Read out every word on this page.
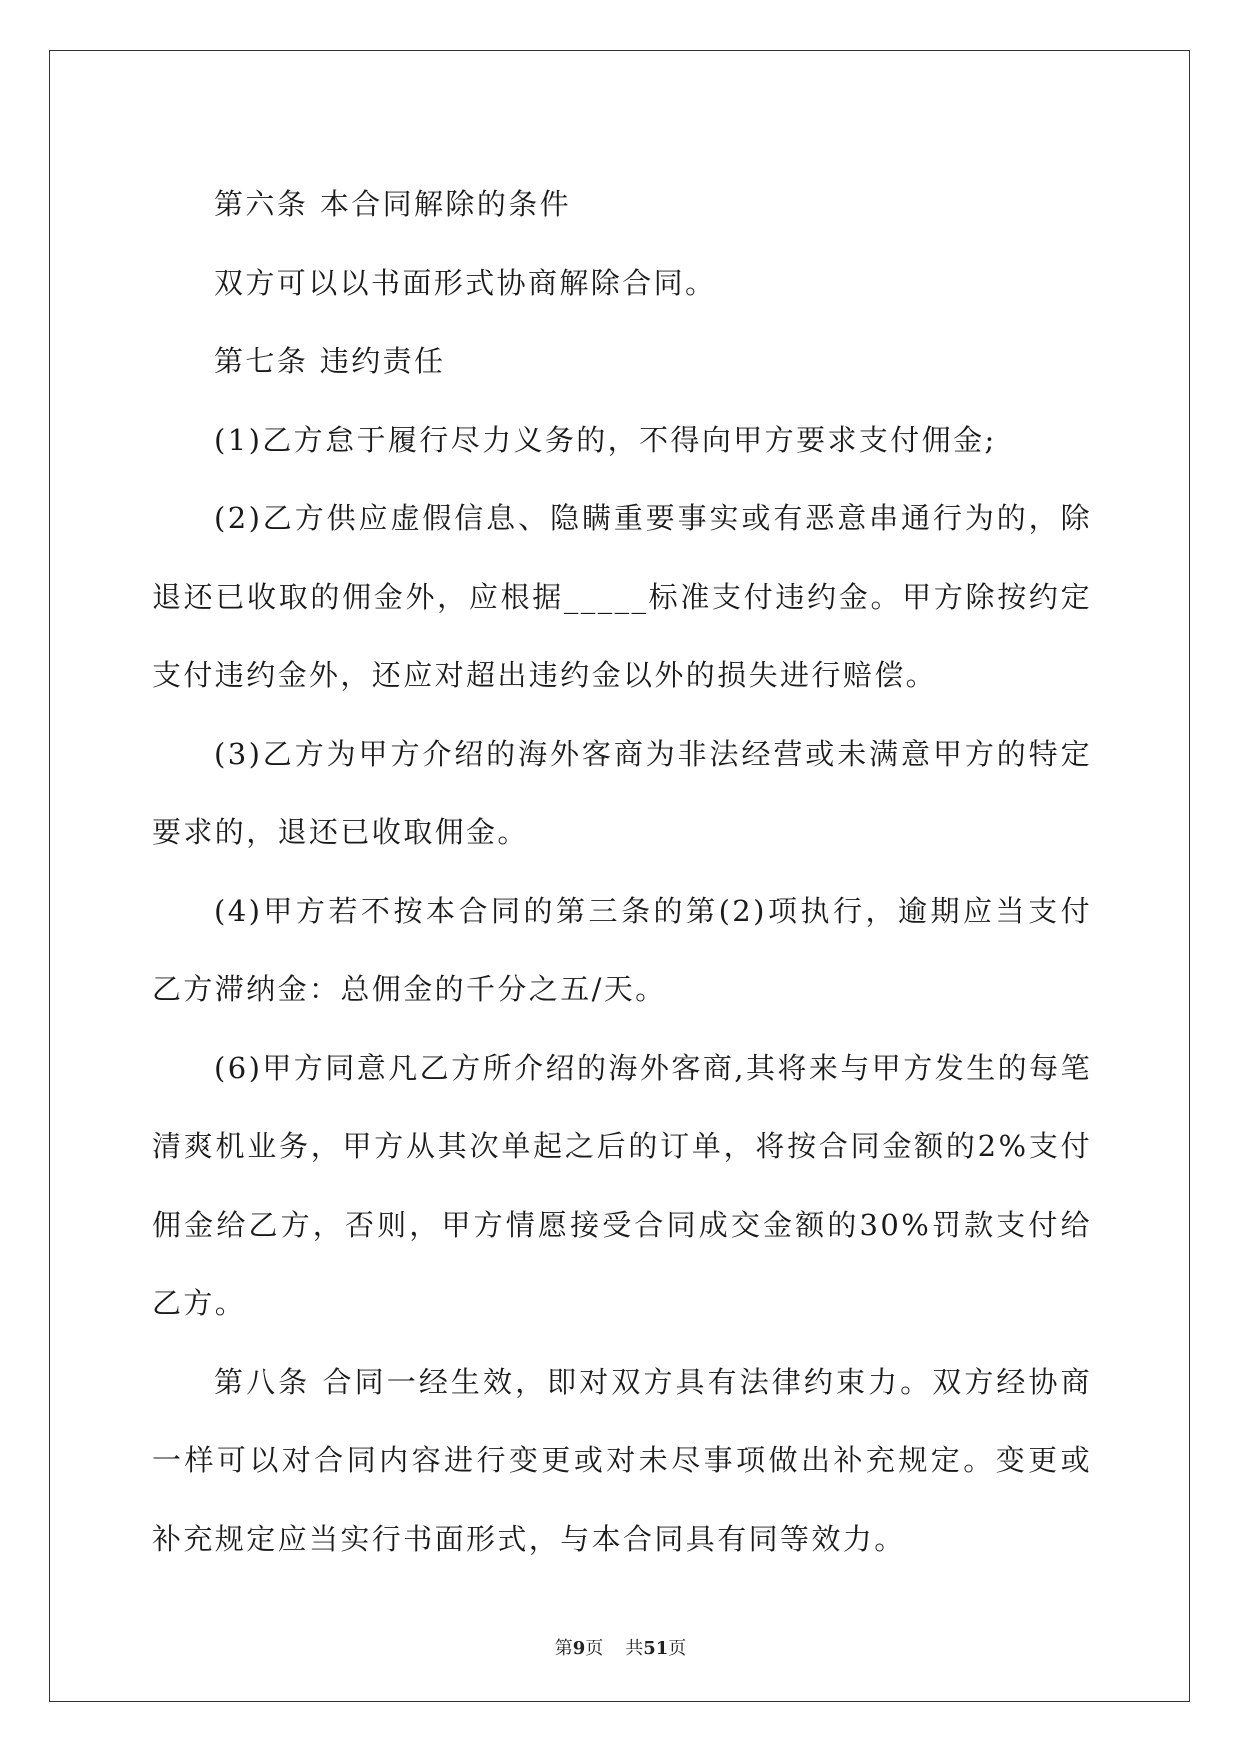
第六条 本合同解除的条件

双方可以以书面形式协商解除合同。

第七条 违约责任

(1)乙方怠于履行尽力义务的，不得向甲方要求支付佣金;

(2)乙方供应虚假信息、隐瞒重要事实或有恶意串通行为的，除退还已收取的佣金外，应根据_____标准支付违约金。甲方除按约定支付违约金外，还应对超出违约金以外的损失进行赔偿。

(3)乙方为甲方介绍的海外客商为非法经营或未满意甲方的特定要求的，退还已收取佣金。

(4)甲方若不按本合同的第三条的第(2)项执行，逾期应当支付乙方滞纳金：总佣金的千分之五/天。

(6)甲方同意凡乙方所介绍的海外客商,其将来与甲方发生的每笔清爽机业务，甲方从其次单起之后的订单，将按合同金额的2%支付佣金给乙方，否则，甲方情愿接受合同成交金额的30%罚款支付给乙方。

第八条 合同一经生效，即对双方具有法律约束力。双方经协商一样可以对合同内容进行变更或对未尽事项做出补充规定。变更或补充规定应当实行书面形式，与本合同具有同等效力。

第9页 共51页
